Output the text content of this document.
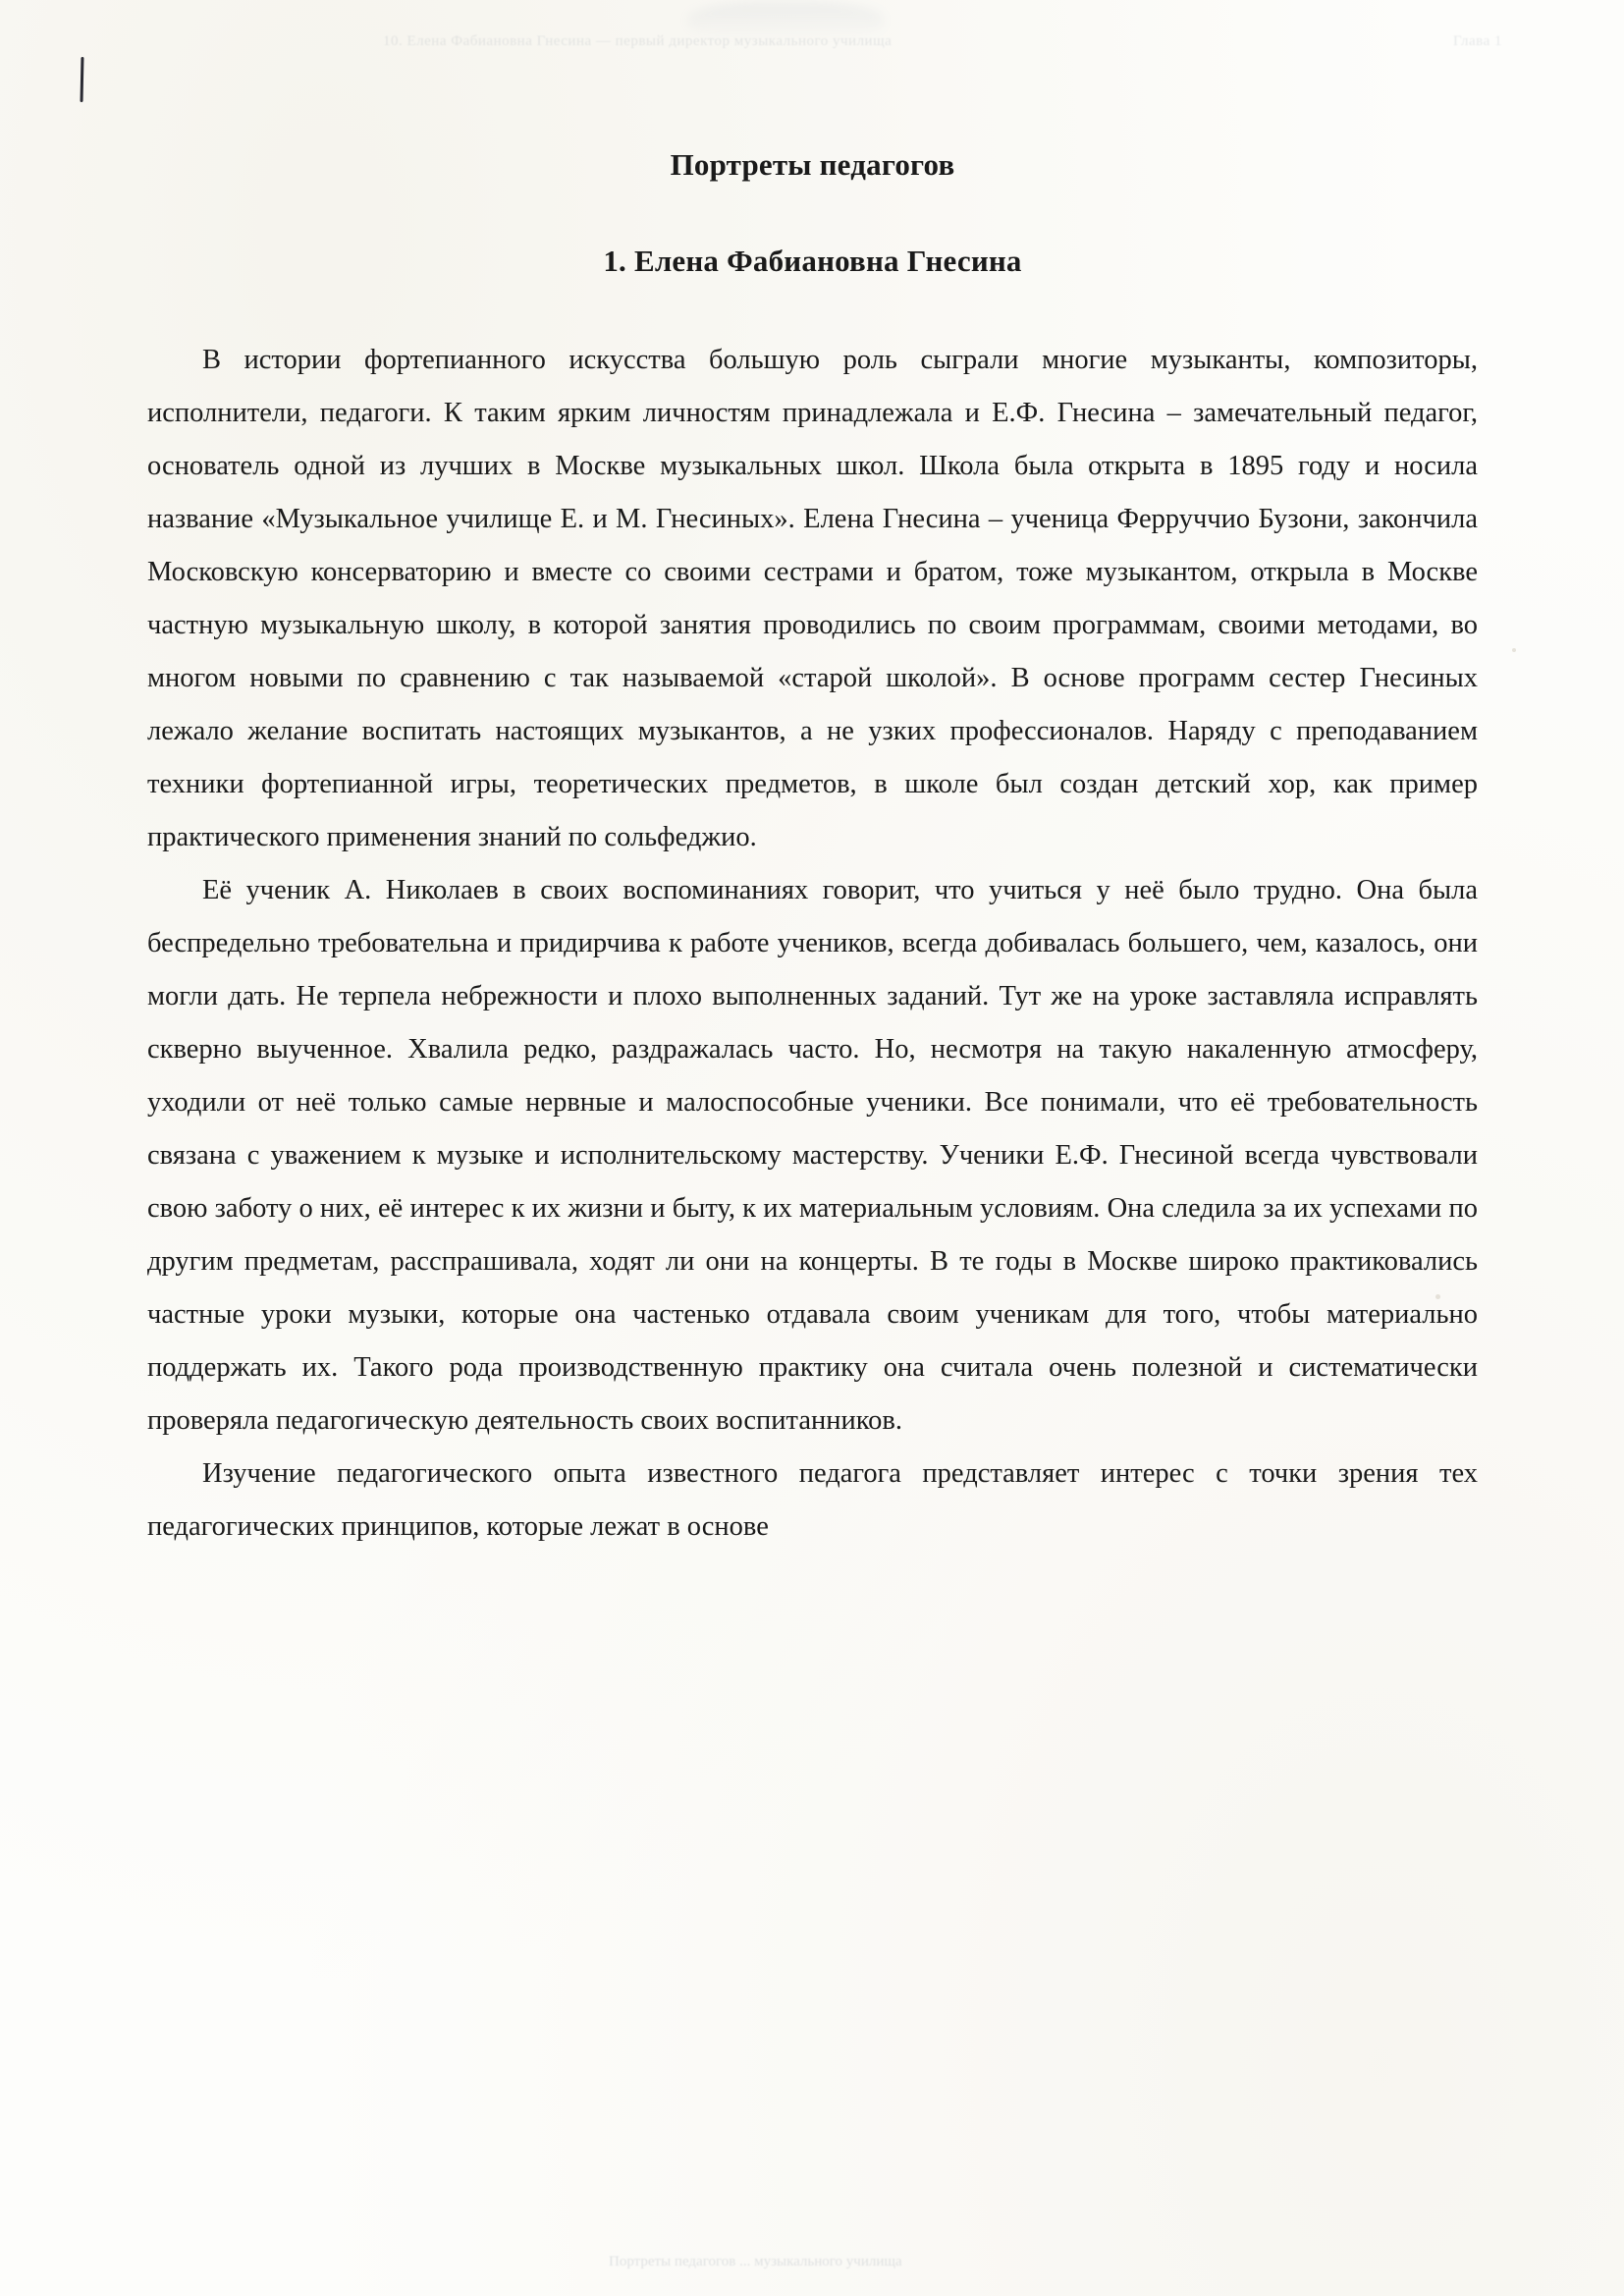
10. Елена Фабиановна Гнесина — первый директор музыкального училища	Глава 1
Портреты педагогов
1. Елена Фабиановна Гнесина

В истории фортепианного искусства большую роль сыграли многие музыканты, композиторы, исполнители, педагоги. К таким ярким личностям принадлежала и Е.Ф. Гнесина – замечательный педагог, основатель одной из лучших в Москве музыкальных школ. Школа была открыта в 1895 году и носила название «Музыкальное училище Е. и М. Гнесиных». Елена Гнесина – ученица Ферруччио Бузони, закончила Московскую консерваторию и вместе со своими сестрами и братом, тоже музыкантом, открыла в Москве частную музыкальную школу, в которой занятия проводились по своим программам, своими методами, во многом новыми по сравнению с так называемой «старой школой». В основе программ сестер Гнесиных лежало желание воспитать настоящих музыкантов, а не узких профессионалов. Наряду с преподаванием техники фортепианной игры, теоретических предметов, в школе был создан детский хор, как пример практического применения знаний по сольфеджио.

Её ученик А. Николаев в своих воспоминаниях говорит, что учиться у неё было трудно. Она была беспредельно требовательна и придирчива к работе учеников, всегда добивалась большего, чем, казалось, они могли дать. Не терпела небрежности и плохо выполненных заданий. Тут же на уроке заставляла исправлять скверно выученное. Хвалила редко, раздражалась часто. Но, несмотря на такую накаленную атмосферу, уходили от неё только самые нервные и малоспособные ученики. Все понимали, что её требовательность связана с уважением к музыке и исполнительскому мастерству. Ученики Е.Ф. Гнесиной всегда чувствовали свою заботу о них, её интерес к их жизни и быту, к их материальным условиям. Она следила за их успехами по другим предметам, расспрашивала, ходят ли они на концерты. В те годы в Москве широко практиковались частные уроки музыки, которые она частенько отдавала своим ученикам для того, чтобы материально поддержать их. Такого рода производственную практику она считала очень полезной и систематически проверяла педагогическую деятельность своих воспитанников.

Изучение педагогического опыта известного педагога представляет интерес с точки зрения тех педагогических принципов, которые лежат в основе

Портреты педагогов ... музыкального училища
